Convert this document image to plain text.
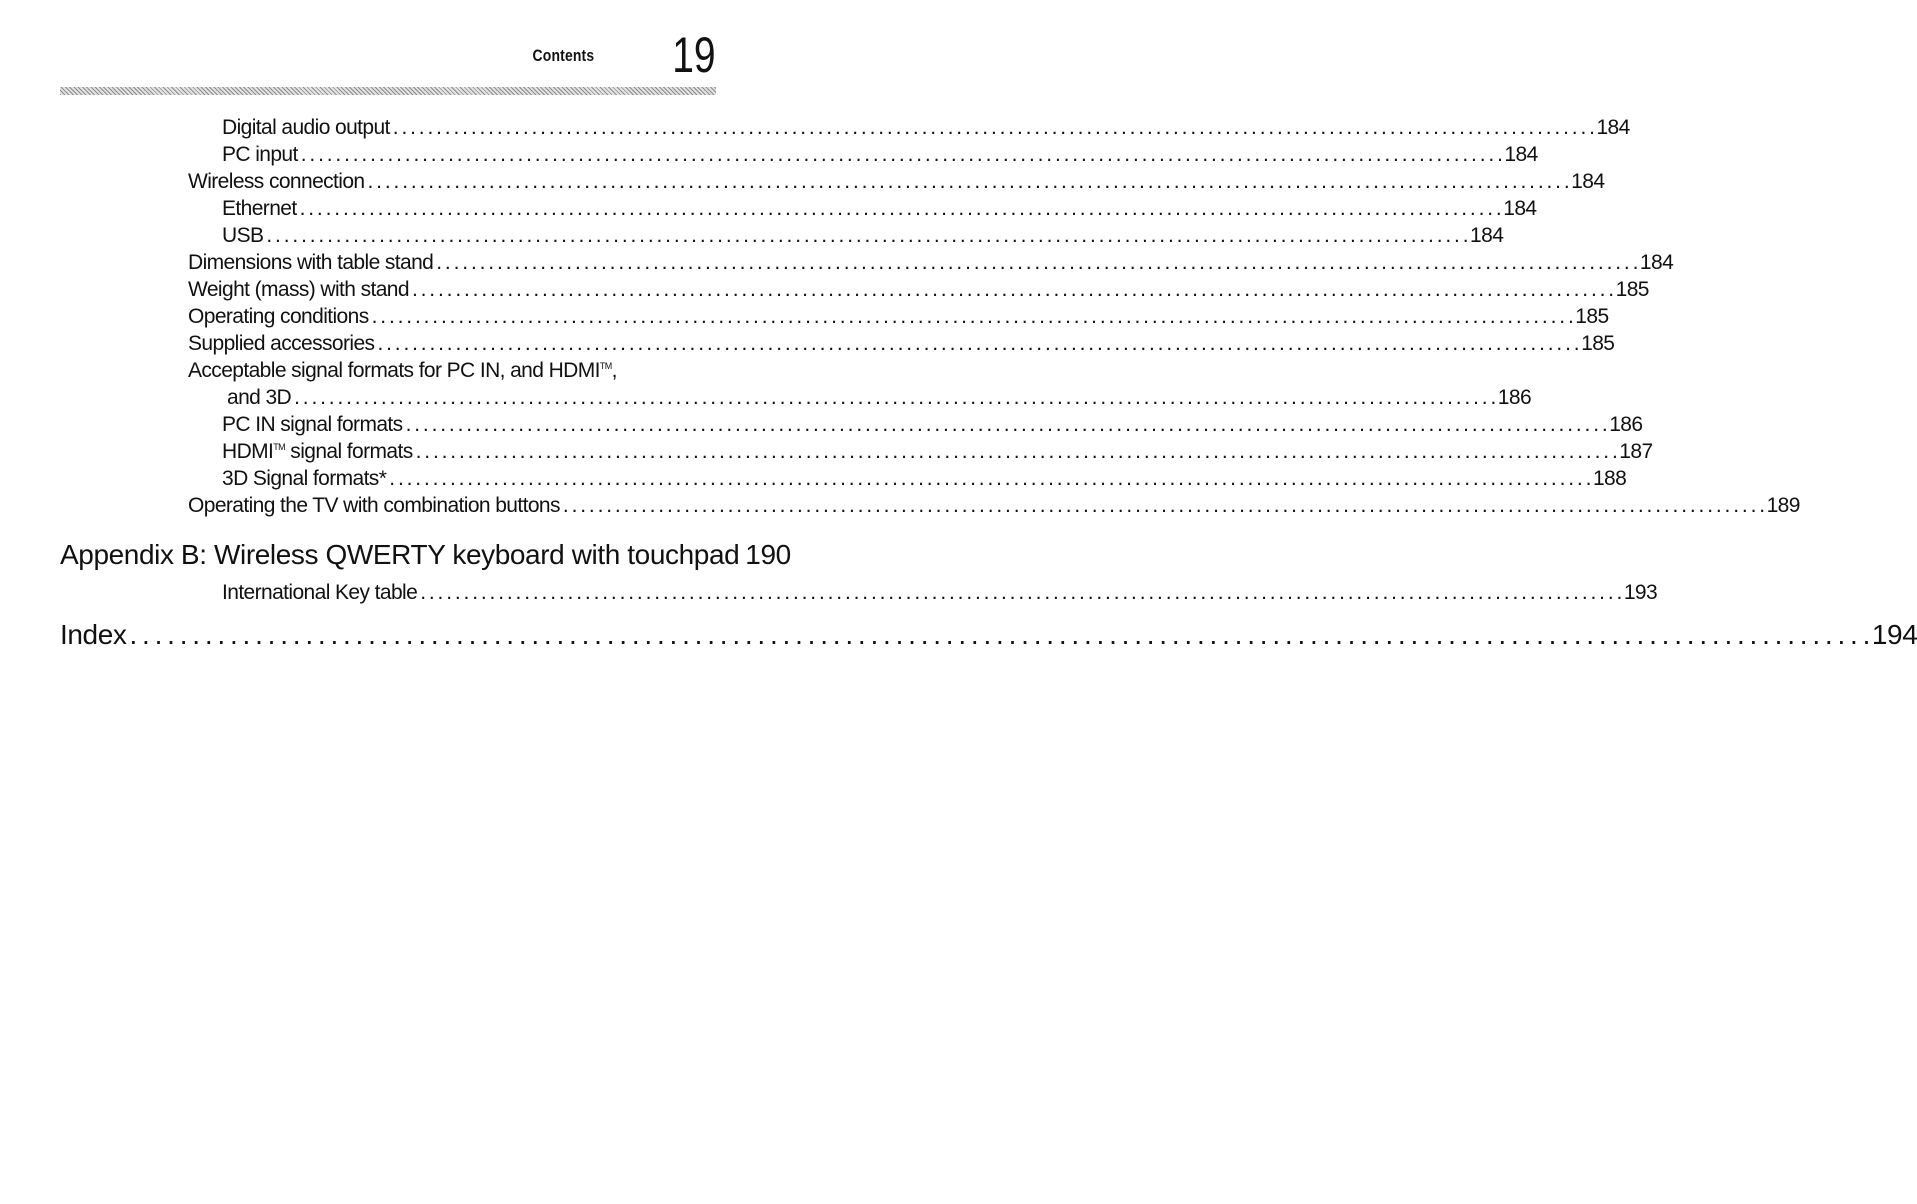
Contents 19
Digital audio output . . .	184
PC input . . .	184
Wireless connection . . .	184
Ethernet . . .	184
USB . . .	184
Dimensions with table stand . . .	184
Weight (mass) with stand . . .	185
Operating conditions . . .	185
Supplied accessories . . .	185
Acceptable signal formats for PC IN, and HDMI™,
and 3D . . .	186
PC IN signal formats . . .	186
HDMI™ signal formats . . .	187
3D Signal formats* . . .	188
Operating the TV with combination buttons . . .	189
Appendix B: Wireless QWERTY keyboard with touchpad 190
International Key table . . .	193
Index . . .	194
